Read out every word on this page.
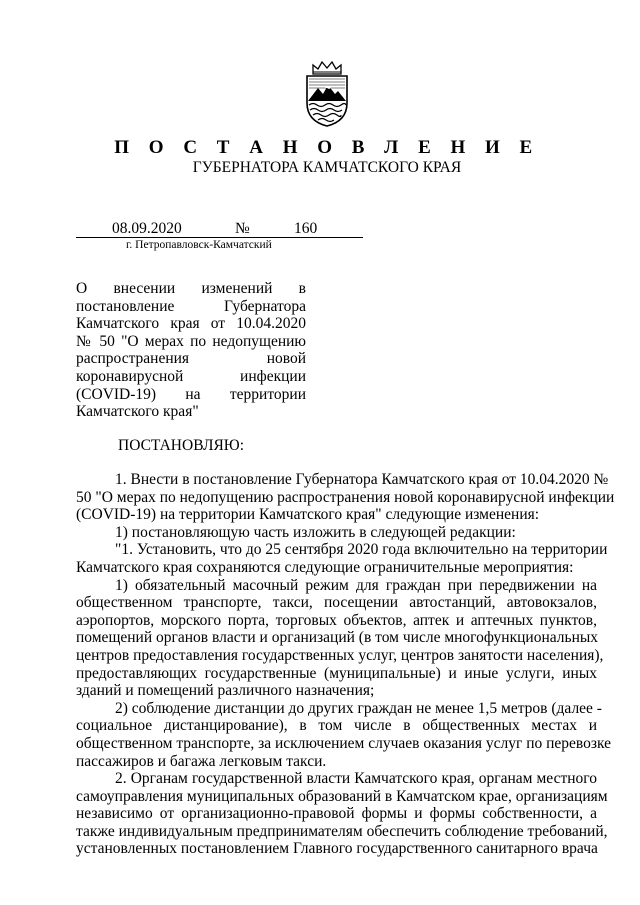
П О С Т А Н О В Л Е Н И Е
ГУБЕРНАТОРА КАМЧАТСКОГО КРАЯ
08.09.2020	№	160
г. Петропавловск-Камчатский
О внесении изменений в
постановление Губернатора
Камчатского края от 10.04.2020
№ 50 "О мерах по недопущению
распространения новой
коронавирусной инфекции
(COVID-19) на территории
Камчатского края"
ПОСТАНОВЛЯЮ:
1. Внести в постановление Губернатора Камчатского края от 10.04.2020 №
50 "О мерах по недопущению распространения новой коронавирусной инфекции
(COVID-19) на территории Камчатского края" следующие изменения:
1) постановляющую часть изложить в следующей редакции:
"1. Установить, что до 25 сентября 2020 года включительно на территории
Камчатского края сохраняются следующие ограничительные мероприятия:
1) обязательный масочный режим для граждан при передвижении на
общественном транспорте, такси, посещении автостанций, автовокзалов,
аэропортов, морского порта, торговых объектов, аптек и аптечных пунктов,
помещений органов власти и организаций (в том числе многофункциональных
центров предоставления государственных услуг, центров занятости населения),
предоставляющих государственные (муниципальные) и иные услуги, иных
зданий и помещений различного назначения;
2) соблюдение дистанции до других граждан не менее 1,5 метров (далее -
социальное дистанцирование), в том числе в общественных местах и
общественном транспорте, за исключением случаев оказания услуг по перевозке
пассажиров и багажа легковым такси.
2. Органам государственной власти Камчатского края, органам местного
самоуправления муниципальных образований в Камчатском крае, организациям
независимо от организационно-правовой формы и формы собственности, а
также индивидуальным предпринимателям обеспечить соблюдение требований,
установленных постановлением Главного государственного санитарного врача
